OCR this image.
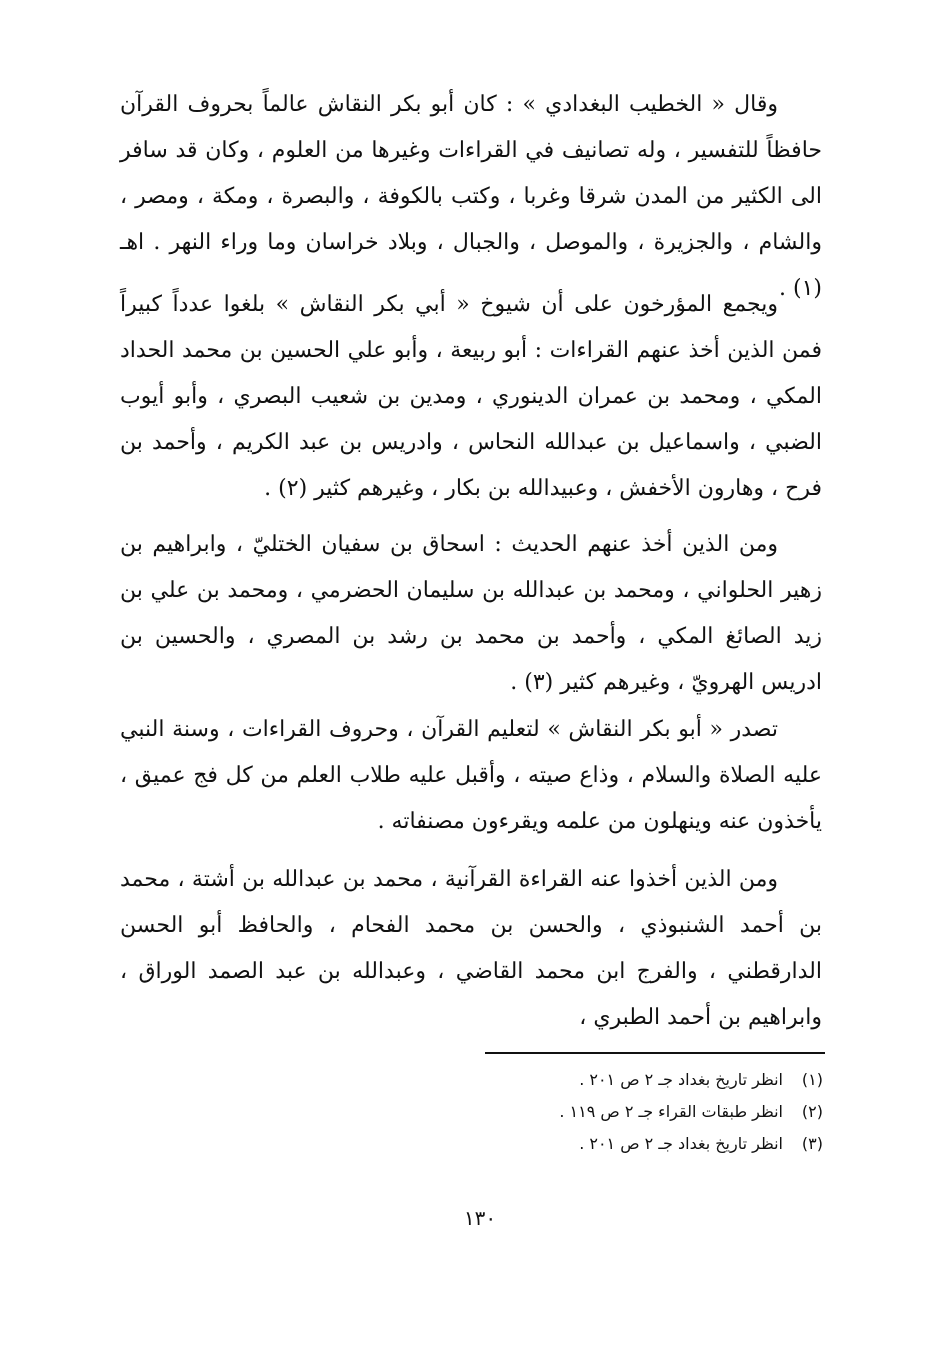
وقال « الخطيب البغدادي » : كان أبو بكر النقاش عالماً بحروف القرآن حافظاً للتفسير ، وله تصانيف في القراءات وغيرها من العلوم ، وكان قد سافر الى الكثير من المدن شرقا وغربا ، وكتب بالكوفة ، والبصرة ، ومكة ، ومصر ، والشام ، والجزيرة ، والموصل ، والجبال ، وبلاد خراسان وما وراء النهر . اهـ (١) .

ويجمع المؤرخون على أن شيوخ « أبي بكر النقاش » بلغوا عدداً كبيراً فمن الذين أخذ عنهم القراءات : أبو ربيعة ، وأبو علي الحسين بن محمد الحداد المكي ، ومحمد بن عمران الدينوري ، ومدين بن شعيب البصري ، وأبو أيوب الضبي ، واسماعيل بن عبدالله النحاس ، وادريس بن عبد الكريم ، وأحمد بن فرح ، وهارون الأخفش ، وعبيدالله بن بكار ، وغيرهم كثير (٢) .

ومن الذين أخذ عنهم الحديث : اسحاق بن سفيان الختليّ ، وابراهيم بن زهير الحلواني ، ومحمد بن عبدالله بن سليمان الحضرمي ، ومحمد بن علي بن زيد الصائغ المكي ، وأحمد بن محمد بن رشد بن المصري ، والحسين بن ادريس الهرويّ ، وغيرهم كثير (٣) .

تصدر « أبو بكر النقاش » لتعليم القرآن ، وحروف القراءات ، وسنة النبي عليه الصلاة والسلام ، وذاع صيته ، وأقبل عليه طلاب العلم من كل فج عميق ، يأخذون عنه وينهلون من علمه ويقرءون مصنفاته .

ومن الذين أخذوا عنه القراءة القرآنية ، محمد بن عبدالله بن أشتة ، محمد بن أحمد الشنبوذي ، والحسن بن محمد الفحام ، والحافظ أبو الحسن الدارقطني ، والفرج ابن محمد القاضي ، وعبدالله بن عبد الصمد الوراق ، وابراهيم بن أحمد الطبري ،

(١)
انظر تاريخ بغداد جـ ٢ ص ٢٠١ .
(٢)
انظر طبقات القراء جـ ٢ ص ١١٩ .
(٣)
انظر تاريخ بغداد جـ ٢ ص ٢٠١ .
١٣٠
